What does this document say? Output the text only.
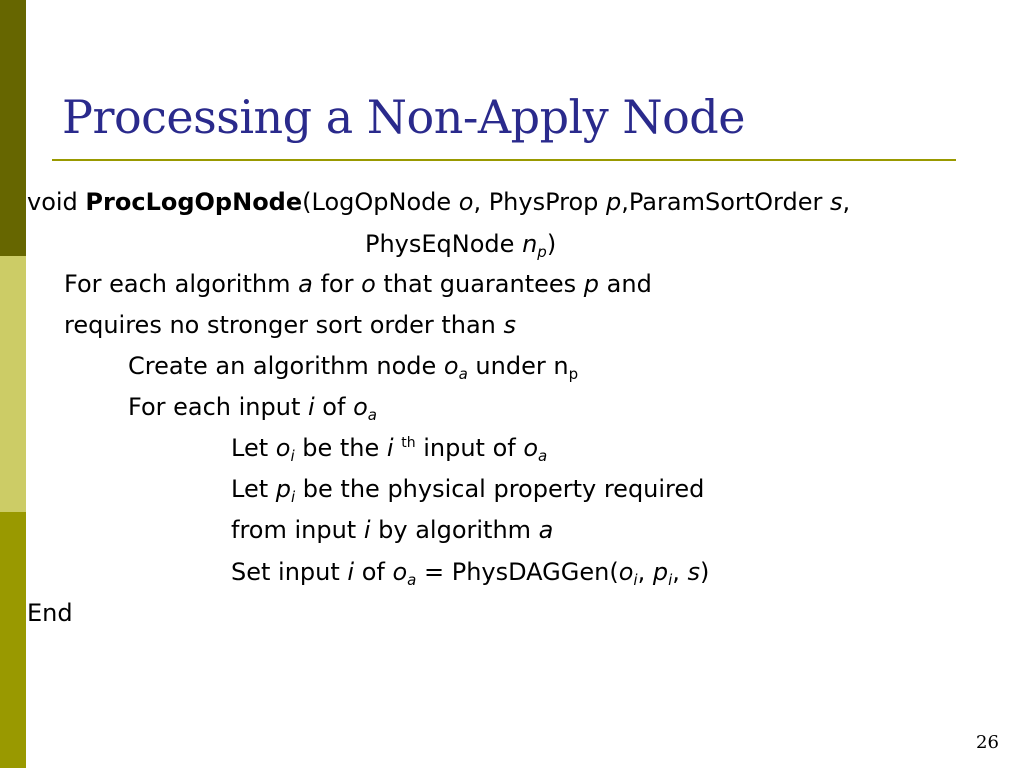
Processing a Non-Apply Node
void ProcLogOpNode(LogOpNode o, PhysProp p,ParamSortOrder s,
PhysEqNode $n_p$)
For each algorithm a for o that guarantees p and
requires no stronger sort order than s
Create an algorithm node $o_a$ under $n_p$
For each input i of $o_a$
Let $o_i$ be the i $^{th}$ input of $o_a$
Let $p_i$ be the physical property required
from input i by algorithm a
Set input i of $o_a$ = $PhysDAGGen(o_i$, $p_i$, s)
End
26
